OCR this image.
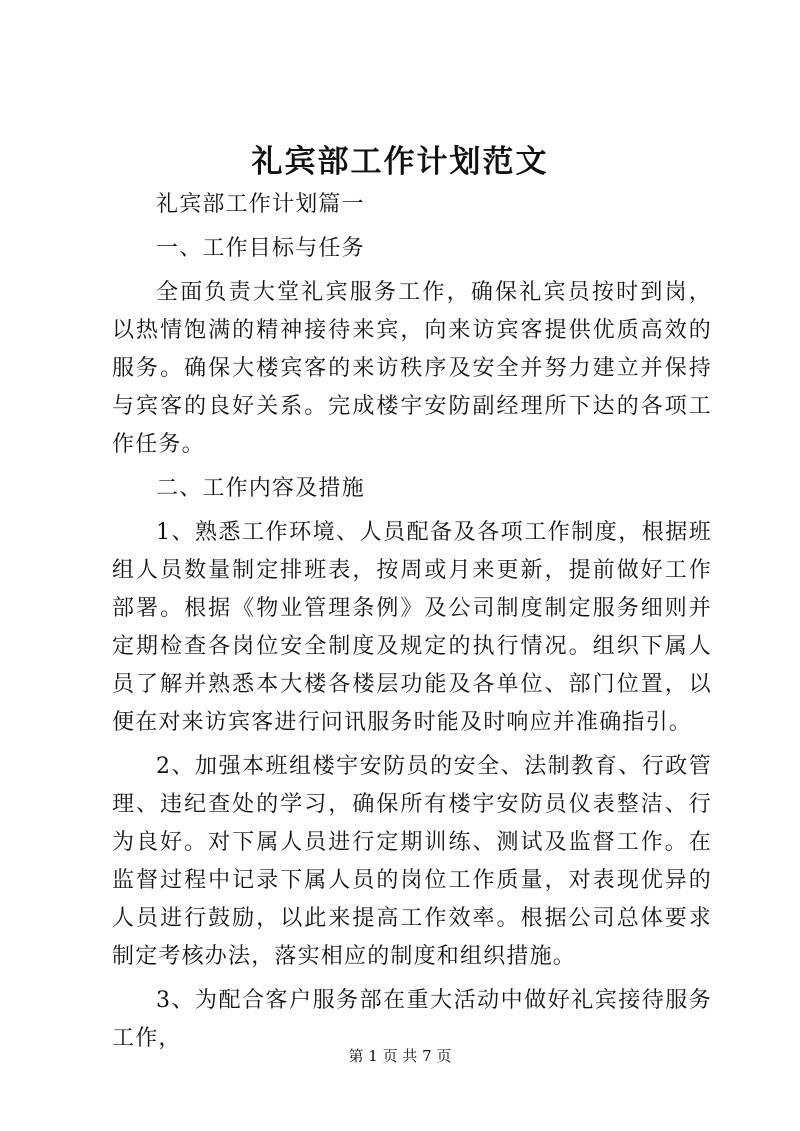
礼宾部工作计划范文

礼宾部工作计划篇一

一、工作目标与任务

全面负责大堂礼宾服务工作，确保礼宾员按时到岗，以热情饱满的精神接待来宾，向来访宾客提供优质高效的服务。确保大楼宾客的来访秩序及安全并努力建立并保持与宾客的良好关系。完成楼宇安防副经理所下达的各项工作任务。

二、工作内容及措施

1、熟悉工作环境、人员配备及各项工作制度，根据班组人员数量制定排班表，按周或月来更新，提前做好工作部署。根据《物业管理条例》及公司制度制定服务细则并定期检查各岗位安全制度及规定的执行情况。组织下属人员了解并熟悉本大楼各楼层功能及各单位、部门位置，以便在对来访宾客进行问讯服务时能及时响应并准确指引。

2、加强本班组楼宇安防员的安全、法制教育、行政管理、违纪查处的学习，确保所有楼宇安防员仪表整洁、行为良好。对下属人员进行定期训练、测试及监督工作。在监督过程中记录下属人员的岗位工作质量，对表现优异的人员进行鼓励，以此来提高工作效率。根据公司总体要求制定考核办法，落实相应的制度和组织措施。

3、为配合客户服务部在重大活动中做好礼宾接待服务工作，

第 1 页 共 7 页
